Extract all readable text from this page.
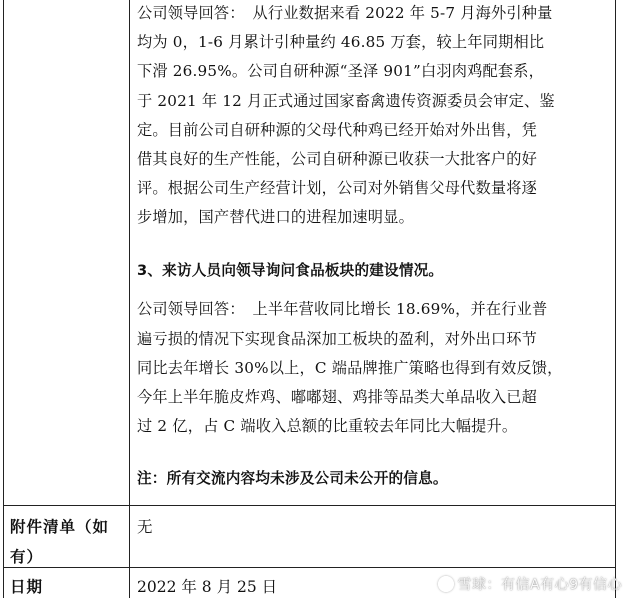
公司领导回答：　从行业数据来看 2022 年 5-7 月海外引种量

均为 0，1-6 月累计引种量约 46.85 万套，较上年同期相比

下滑 26.95%。公司自研种源“圣泽 901”白羽肉鸡配套系，

于 2021 年 12 月正式通过国家畜禽遗传资源委员会审定、鉴

定。目前公司自研种源的父母代种鸡已经开始对外出售，凭

借其良好的生产性能，公司自研种源已收获一大批客户的好

评。根据公司生产经营计划，公司对外销售父母代数量将逐

步增加，国产替代进口的进程加速明显。

3、来访人员向领导询问食品板块的建设情况。

公司领导回答：　上半年营收同比增长 18.69%，并在行业普

遍亏损的情况下实现食品深加工板块的盈利，对外出口环节

同比去年增长 30%以上，C 端品牌推广策略也得到有效反馈，

今年上半年脆皮炸鸡、嘟嘟翅、鸡排等品类大单品收入已超

过 2 亿，占 C 端收入总额的比重较去年同比大幅提升。

注：所有交流内容均未涉及公司未公开的信息。

附件清单（如
有）
无
日期	2022 年 8 月 25 日	雪球：有信A有心9有信心
